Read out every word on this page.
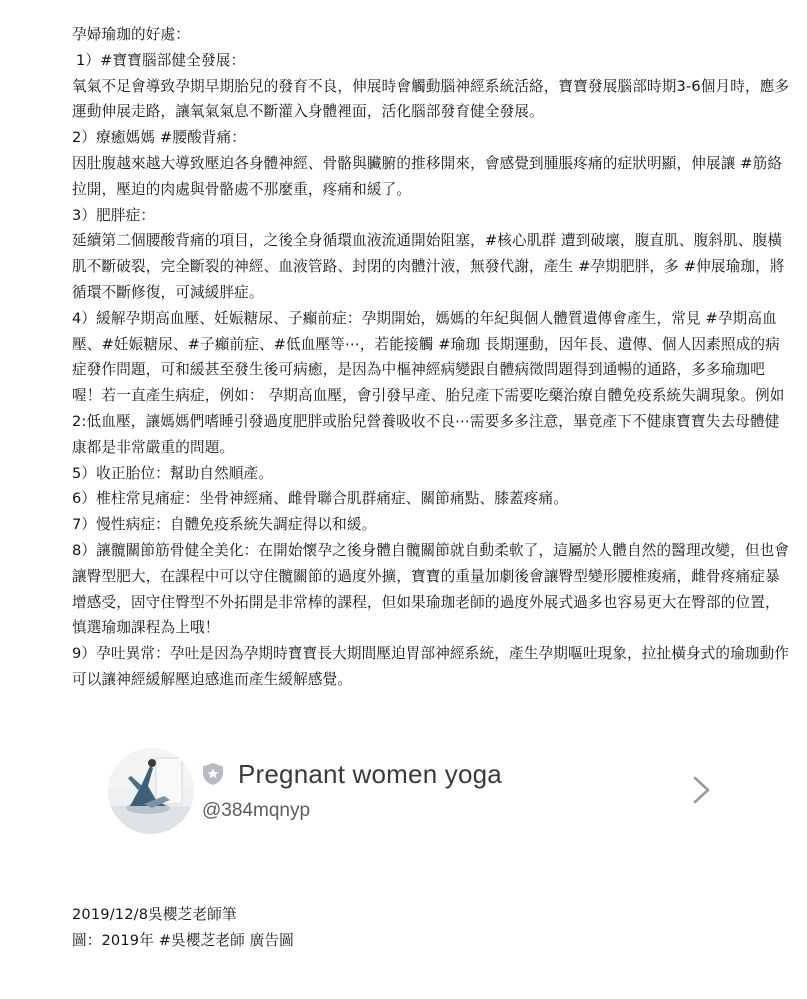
孕婦瑜珈的好處：

1）#寶寶腦部健全發展：

氧氣不足會導致孕期早期胎兒的發育不良，伸展時會觸動腦神經系統活絡，寶寶發展腦部時期3-6個月時，應多運動伸展走路，讓氧氣氣息不斷灌入身體裡面，活化腦部發育健全發展。

2）療癒媽媽 #腰酸背痛：

因肚腹越來越大導致壓迫各身體神經、骨骼與臟腑的推移開來，會感覺到腫脹疼痛的症狀明顯，伸展讓 #筋絡拉開，壓迫的肉處與骨骼處不那麼重，疼痛和緩了。

3）肥胖症：

延續第二個腰酸背痛的項目，之後全身循環血液流通開始阻塞，#核心肌群 遭到破壞，腹直肌、腹斜肌、腹橫肌不斷破裂，完全斷裂的神經、血液管路、封閉的肉體汁液，無發代謝，產生 #孕期肥胖，多 #伸展瑜珈，將循環不斷修復，可減緩胖症。

4）緩解孕期高血壓、妊娠糖尿、子癲前症：孕期開始，媽媽的年紀與個人體質遺傳會產生，常見 #孕期高血壓、#妊娠糖尿、#子癲前症、#低血壓等⋯，若能接觸 #瑜珈 長期運動，因年長、遺傳、個人因素照成的病症發作問題，可和緩甚至發生後可病癒，是因為中樞神經病變跟自體病徵問題得到通暢的通路，多多瑜珈吧喔！若一直產生病症，例如： 孕期高血壓，會引發早產、胎兒產下需要吃藥治療自體免疫系統失調現象。例如2:低血壓，讓媽媽們嗜睡引發過度肥胖或胎兒營養吸收不良⋯需要多多注意，畢竟產下不健康寶寶失去母體健康都是非常嚴重的問題。

5）收正胎位：幫助自然順產。

6）椎柱常見痛症：坐骨神經痛、雌骨聯合肌群痛症、關節痛點、膝蓋疼痛。

7）慢性病症：自體免疫系統失調症得以和緩。

8）讓髖關節筋骨健全美化：在開始懷孕之後身體自髖關節就自動柔軟了，這屬於人體自然的醫理改變，但也會讓臀型肥大，在課程中可以守住髖關節的過度外擴，寶寶的重量加劇後會讓臀型變形腰椎痠痛，雌骨疼痛症暴增感受，固守住臀型不外拓開是非常棒的課程，但如果瑜珈老師的過度外展式過多也容易更大在臀部的位置，慎選瑜珈課程為上哦！

9）孕吐異常：孕吐是因為孕期時寶寶長大期間壓迫胃部神經系統，產生孕期嘔吐現象，拉扯橫身式的瑜珈動作可以讓神經緩解壓迫感進而產生緩解感覺。

Pregnant women yoga
@384mqnyp

2019/12/8吳櫻芝老師筆

圖：2019年 #吳櫻芝老師 廣告圖
